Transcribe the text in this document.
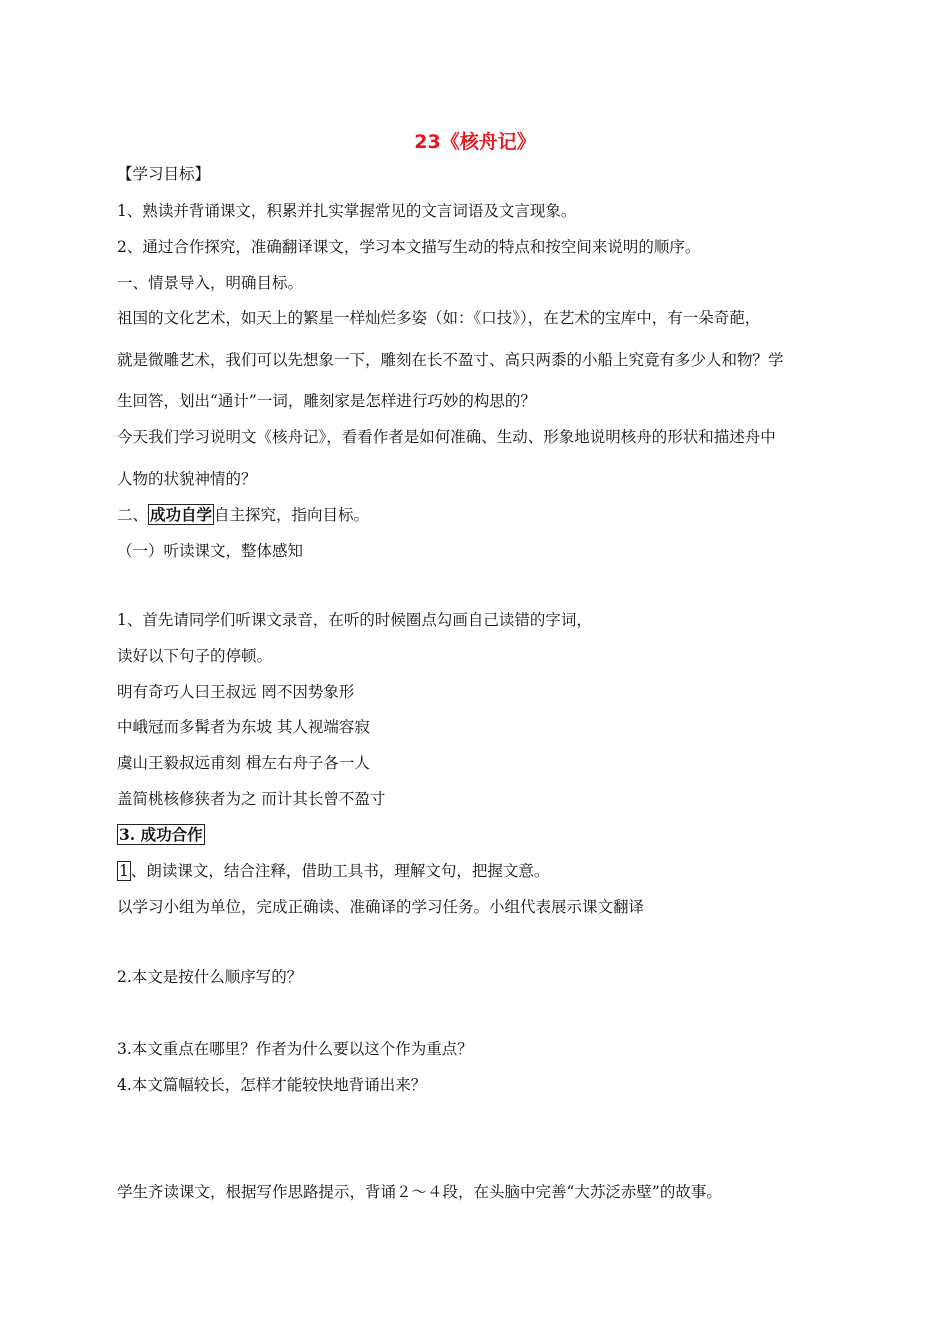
23《核舟记》
【学习目标】
1、熟读并背诵课文，积累并扎实掌握常见的文言词语及文言现象。
2、通过合作探究，准确翻译课文，学习本文描写生动的特点和按空间来说明的顺序。
一、情景导入，明确目标。
祖国的文化艺术，如天上的繁星一样灿烂多姿（如：《口技》），在艺术的宝库中，有一朵奇葩，
就是微雕艺术，我们可以先想象一下，雕刻在长不盈寸、高只两黍的小船上究竟有多少人和物？学
生回答，划出“通计”一词，雕刻家是怎样进行巧妙的构思的？
今天我们学习说明文《核舟记》，看看作者是如何准确、生动、形象地说明核舟的形状和描述舟中
人物的状貌神情的？
二、 成功自学 自主探究，指向目标。
（一）听读课文，整体感知
1、首先请同学们听课文录音，在听的时候圈点勾画自己读错的字词，
读好以下句子的停顿。
明有奇巧人曰王叔远 罔不因势象形
中峨冠而多髯者为东坡 其人视端容寂
虞山王毅叔远甫刻 楫左右舟子各一人
盖简桃核修狭者为之 而计其长曾不盈寸
3. 成功合作
1 、朗读课文，结合注释，借助工具书，理解文句，把握文意。
以学习小组为单位，完成正确读、准确译的学习任务。小组代表展示课文翻译
2.本文是按什么顺序写的？
3.本文重点在哪里？作者为什么要以这个作为重点？
4.本文篇幅较长，怎样才能较快地背诵出来？
学生齐读课文，根据写作思路提示，背诵２～４段，在头脑中完善“大苏泛赤壁”的故事。
